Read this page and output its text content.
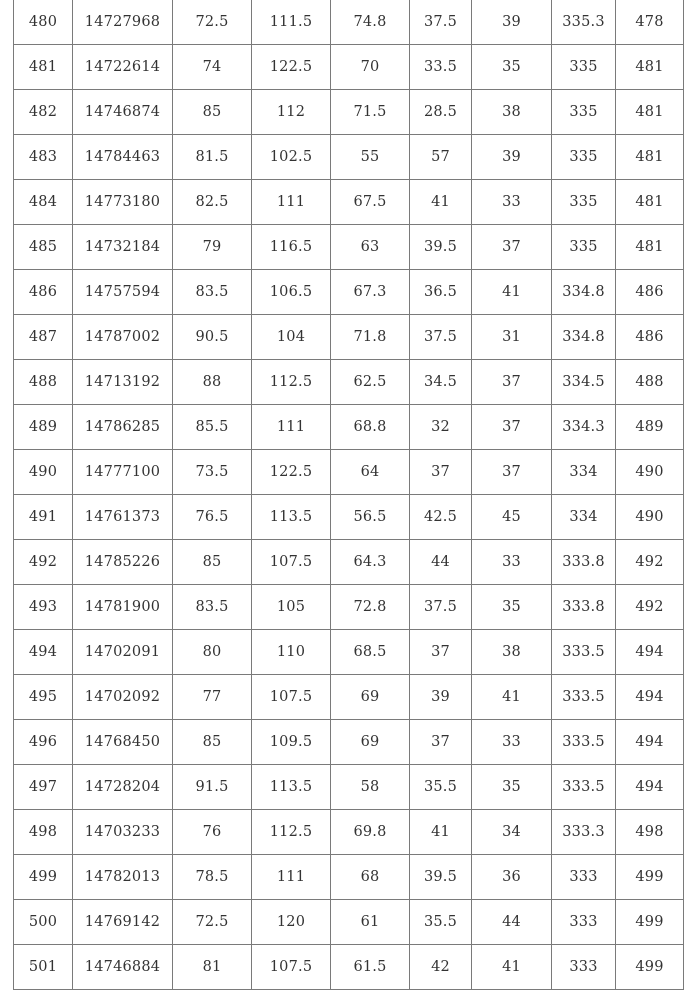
480	14727968	72.5	111.5	74.8	37.5	39	335.3	478
481	14722614	74	122.5	70	33.5	35	335	481
482	14746874	85	112	71.5	28.5	38	335	481
483	14784463	81.5	102.5	55	57	39	335	481
484	14773180	82.5	111	67.5	41	33	335	481
485	14732184	79	116.5	63	39.5	37	335	481
486	14757594	83.5	106.5	67.3	36.5	41	334.8	486
487	14787002	90.5	104	71.8	37.5	31	334.8	486
488	14713192	88	112.5	62.5	34.5	37	334.5	488
489	14786285	85.5	111	68.8	32	37	334.3	489
490	14777100	73.5	122.5	64	37	37	334	490
491	14761373	76.5	113.5	56.5	42.5	45	334	490
492	14785226	85	107.5	64.3	44	33	333.8	492
493	14781900	83.5	105	72.8	37.5	35	333.8	492
494	14702091	80	110	68.5	37	38	333.5	494
495	14702092	77	107.5	69	39	41	333.5	494
496	14768450	85	109.5	69	37	33	333.5	494
497	14728204	91.5	113.5	58	35.5	35	333.5	494
498	14703233	76	112.5	69.8	41	34	333.3	498
499	14782013	78.5	111	68	39.5	36	333	499
500	14769142	72.5	120	61	35.5	44	333	499
501	14746884	81	107.5	61.5	42	41	333	499
